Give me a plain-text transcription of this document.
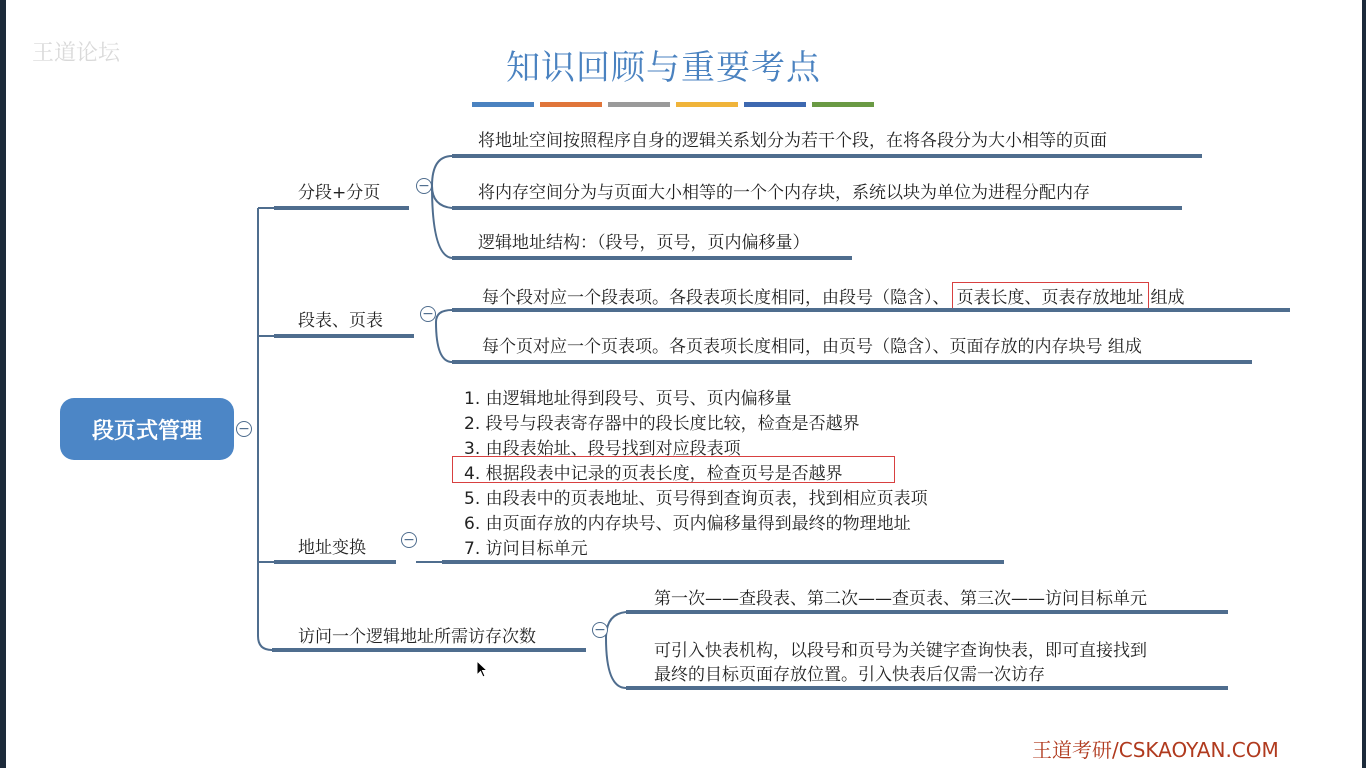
王道论坛	知识回顾与重要考点
段页式管理	−
分段+分页	−
将地址空间按照程序自身的逻辑关系划分为若干个段，在将各段分为大小相等的页面
将内存空间分为与页面大小相等的一个个内存块，系统以块为单位为进程分配内存
逻辑地址结构：（段号，页号，页内偏移量）
段表、页表	−
每个段对应一个段表项。各段表项长度相同，由段号（隐含）、 页表长度、页表存放地址 组成
每个页对应一个页表项。各页表项长度相同，由页号（隐含）、页面存放的内存块号 组成
1. 由逻辑地址得到段号、页号、页内偏移量
2. 段号与段表寄存器中的段长度比较，检查是否越界
3. 由段表始址、段号找到对应段表项
4. 根据段表中记录的页表长度，检查页号是否越界
5. 由段表中的页表地址、页号得到查询页表，找到相应页表项
6. 由页面存放的内存块号、页内偏移量得到最终的物理地址
7. 访问目标单元
地址变换	−
访问一个逻辑地址所需访存次数	−
第一次——查段表、第二次——查页表、第三次——访问目标单元
可引入快表机构，以段号和页号为关键字查询快表，即可直接找到
最终的目标页面存放位置。引入快表后仅需一次访存
王道考研/CSKAOYAN.COM
